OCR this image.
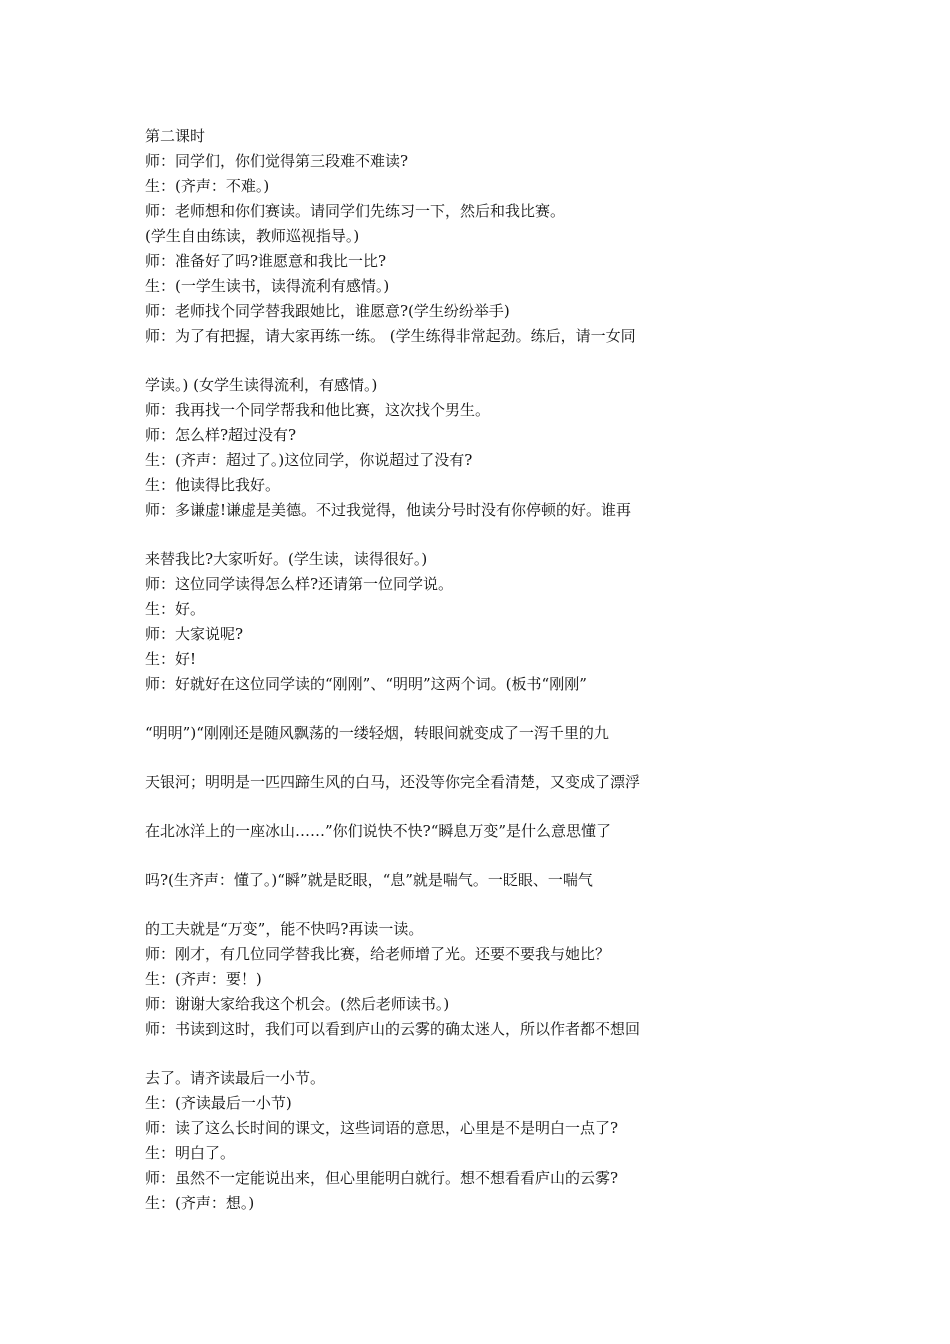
第二课时
师：同学们，你们觉得第三段难不难读?
生：(齐声：不难。)
师：老师想和你们赛读。请同学们先练习一下，然后和我比赛。
(学生自由练读，教师巡视指导。)
师：准备好了吗?谁愿意和我比一比?
生：(一学生读书，读得流利有感情。)
师：老师找个同学替我跟她比，谁愿意?(学生纷纷举手)
师：为了有把握，请大家再练一练。 (学生练得非常起劲。练后，请一女同
学读。) (女学生读得流利，有感情。)
师：我再找一个同学帮我和他比赛，这次找个男生。
师：怎么样?超过没有?
生：(齐声：超过了。)这位同学，你说超过了没有?
生：他读得比我好。
师：多谦虚!谦虚是美德。不过我觉得，他读分号时没有你停顿的好。谁再
来替我比?大家听好。(学生读，读得很好。)
师：这位同学读得怎么样?还请第一位同学说。
生：好。
师：大家说呢?
生：好!
师：好就好在这位同学读的“刚刚”、“明明”这两个词。(板书“刚刚”
“明明”)“刚刚还是随风飘荡的一缕轻烟，转眼间就变成了一泻千里的九
天银河；明明是一匹四蹄生风的白马，还没等你完全看清楚，又变成了漂浮
在北冰洋上的一座冰山……”你们说快不快?“瞬息万变”是什么意思懂了
吗?(生齐声：懂了。)“瞬”就是眨眼，“息”就是喘气。一眨眼、一喘气
的工夫就是“万变”，能不快吗?再读一读。
师：刚才，有几位同学替我比赛，给老师增了光。还要不要我与她比？
生：(齐声：要！)
师：谢谢大家给我这个机会。(然后老师读书。)
师：书读到这时，我们可以看到庐山的云雾的确太迷人，所以作者都不想回
去了。请齐读最后一小节。
生：(齐读最后一小节)
师：读了这么长时间的课文，这些词语的意思，心里是不是明白一点了?
生：明白了。
师：虽然不一定能说出来，但心里能明白就行。想不想看看庐山的云雾?
生：(齐声：想。)
